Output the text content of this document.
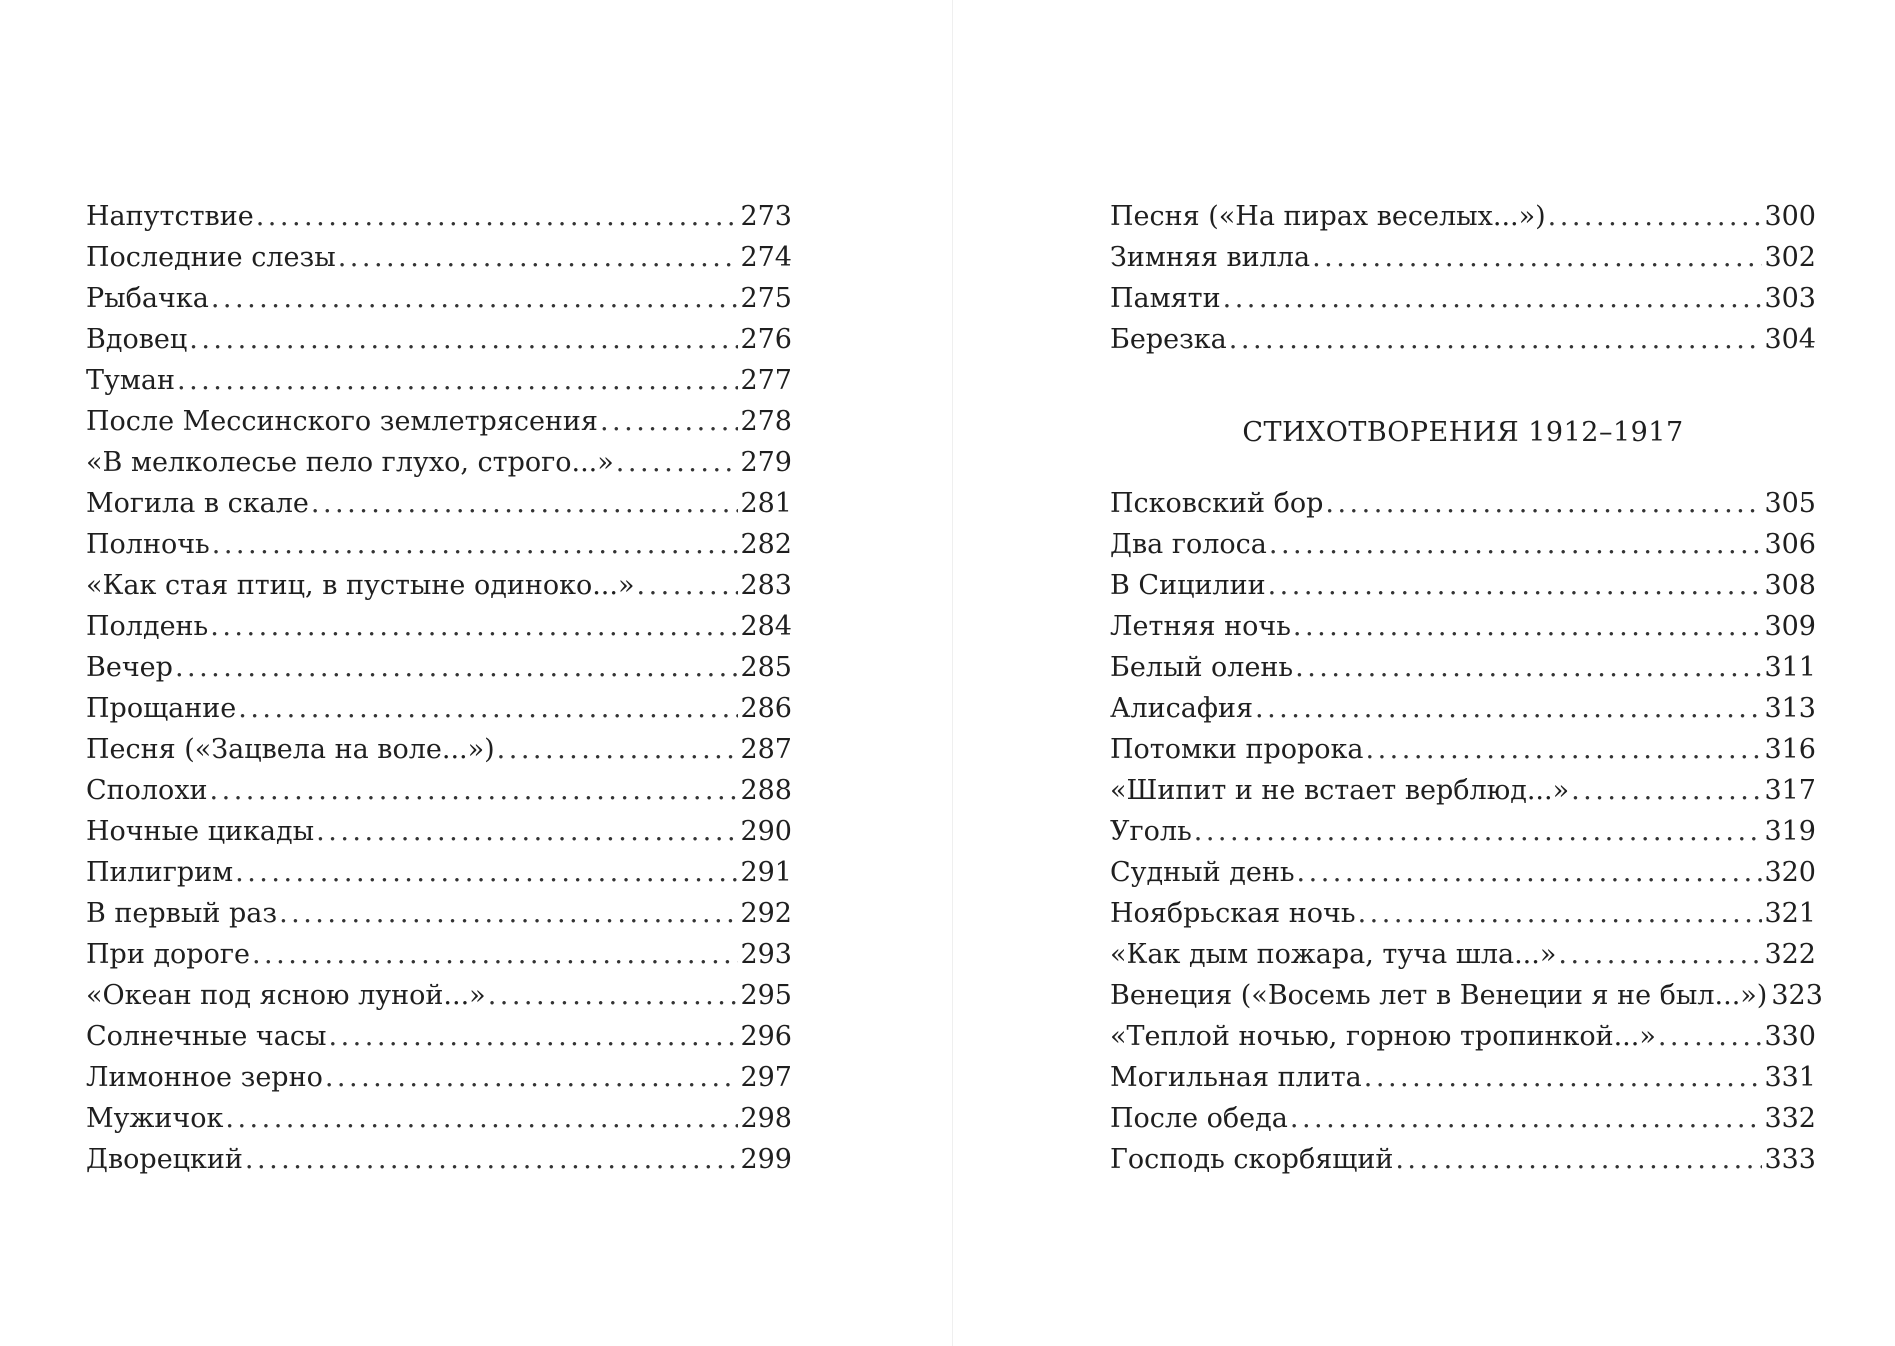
Напутствие .....	273
Последние слезы .....	274
Рыбачка .....	275
Вдовец .....	276
Туман .....	277
После Мессинского землетрясения .....	278
«В мелколесье пело глухо, строго...» .....	279
Могила в скале .....	281
Полночь .....	282
«Как стая птиц, в пустыне одиноко...» .....	283
Полдень .....	284
Вечер .....	285
Прощание .....	286
Песня («Зацвела на воле...») .....	287
Сполохи .....	288
Ночные цикады .....	290
Пилигрим .....	291
В первый раз .....	292
При дороге .....	293
«Океан под ясною луной...» .....	295
Солнечные часы .....	296
Лимонное зерно .....	297
Мужичок .....	298
Дворецкий .....	299
Песня («На пирах веселых...») .....	300
Зимняя вилла .....	302
Памяти .....	303
Березка .....	304
СТИХОТВОРЕНИЯ 1912–1917
Псковский бор .....	305
Два голоса .....	306
В Сицилии .....	308
Летняя ночь .....	309
Белый олень .....	311
Алисафия .....	313
Потомки пророка .....	316
«Шипит и не встает верблюд...» .....	317
Уголь .....	319
Судный день .....	320
Ноябрьская ночь .....	321
«Как дым пожара, туча шла...» .....	322
Венеция («Восемь лет в Венеции я не был...») 323
«Теплой ночью, горною тропинкой...» .....	330
Могильная плита .....	331
После обеда .....	332
Господь скорбящий .....	333
